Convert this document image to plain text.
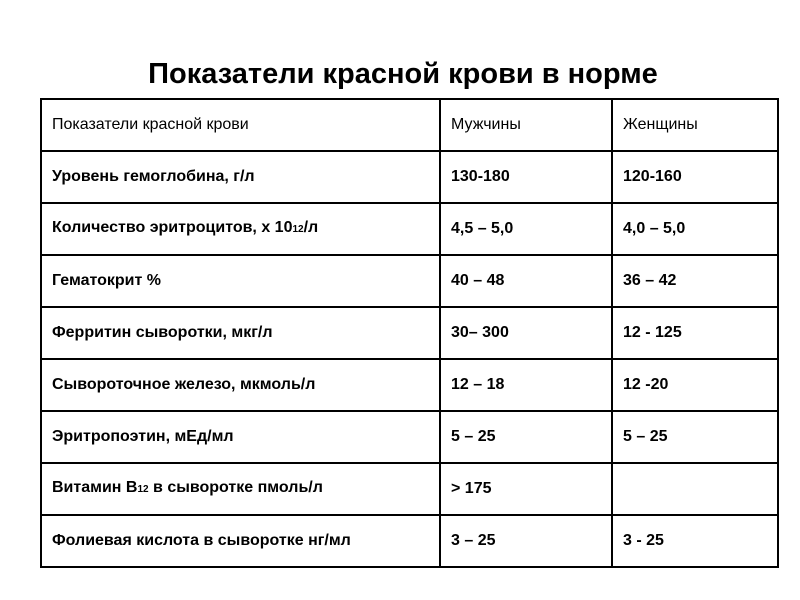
Показатели красной крови в норме
Показатели красной крови	Мужчины	Женщины
Уровень гемоглобина, г/л	130-180	120-160
Количество эритроцитов, х 1012/л	4,5 – 5,0	4,0 – 5,0
Гематокрит %	40 – 48	36 – 42
Ферритин сыворотки, мкг/л	30– 300	12 - 125
Сывороточное железо, мкмоль/л	12 – 18	12 -20
Эритропоэтин, мЕд/мл	5 – 25	5 – 25
Витамин В12 в сыворотке пмоль/л	> 175	
Фолиевая кислота в сыворотке нг/мл	3 – 25	3 - 25
